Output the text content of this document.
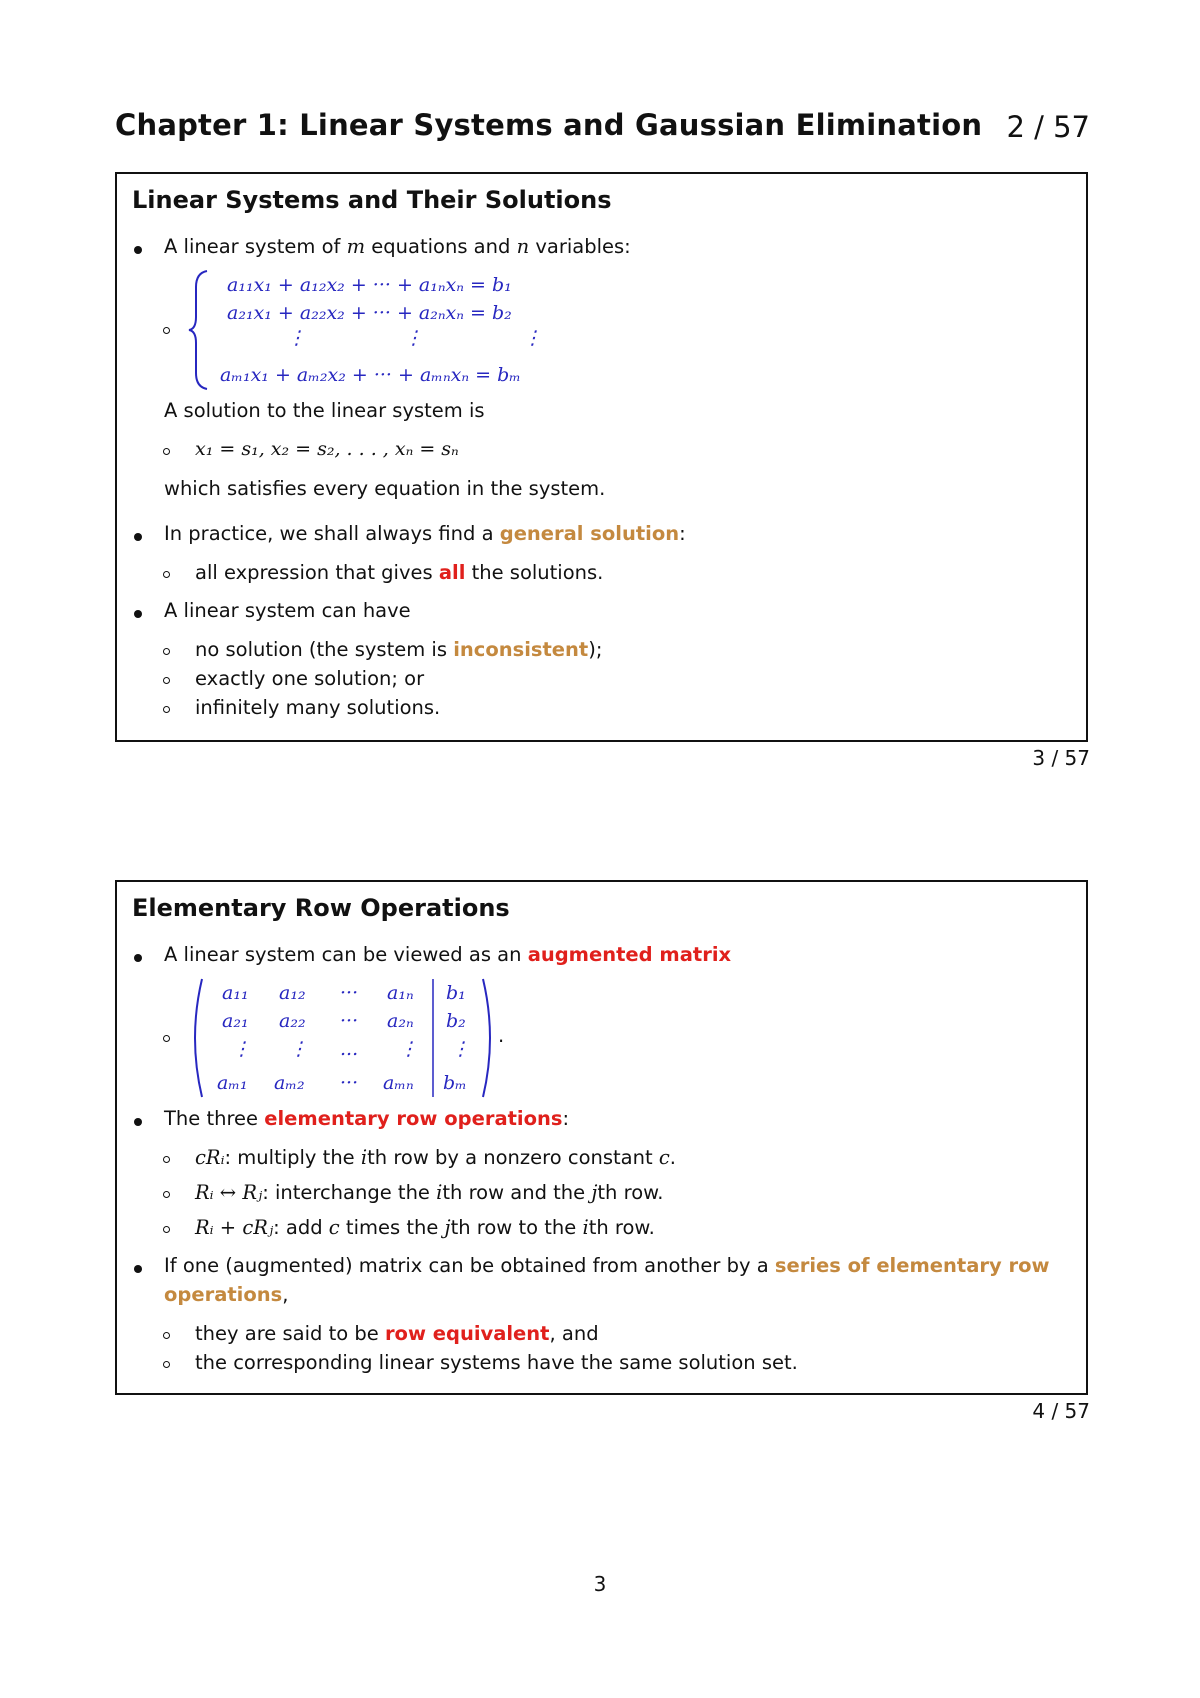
Chapter 1: Linear Systems and Gaussian Elimination 2 / 57
Linear Systems and Their Solutions
A linear system of m equations and n variables:
a₁₁x₁ + a₁₂x₂ + ··· + a₁ₙxₙ = b₁
a₂₁x₁ + a₂₂x₂ + ··· + a₂ₙxₙ = b₂
⋮	⋮	⋮
aₘ₁x₁ + aₘ₂x₂ + ··· + aₘₙxₙ = bₘ
A solution to the linear system is
x₁ = s₁, x₂ = s₂, . . . , xₙ = sₙ
which satisfies every equation in the system.
In practice, we shall always find a general solution:
all expression that gives all the solutions.
A linear system can have
no solution (the system is inconsistent);
exactly one solution; or
infinitely many solutions.
3 / 57
Elementary Row Operations
A linear system can be viewed as an augmented matrix
a₁₁ a₁₂ ··· a₁ₙ b₁
a₂₁ a₂₂ ··· a₂ₙ b₂
⋮ ⋮ ... ⋮ ⋮
aₘ₁ aₘ₂ ··· aₘₙ bₘ
.
The three elementary row operations:
cRᵢ: multiply the ith row by a nonzero constant c.
Rᵢ ↔ Rⱼ: interchange the ith row and the jth row.
Rᵢ + cRⱼ: add c times the jth row to the ith row.
If one (augmented) matrix can be obtained from another by a series of elementary row
operations,
they are said to be row equivalent, and
the corresponding linear systems have the same solution set.
4 / 57
3
